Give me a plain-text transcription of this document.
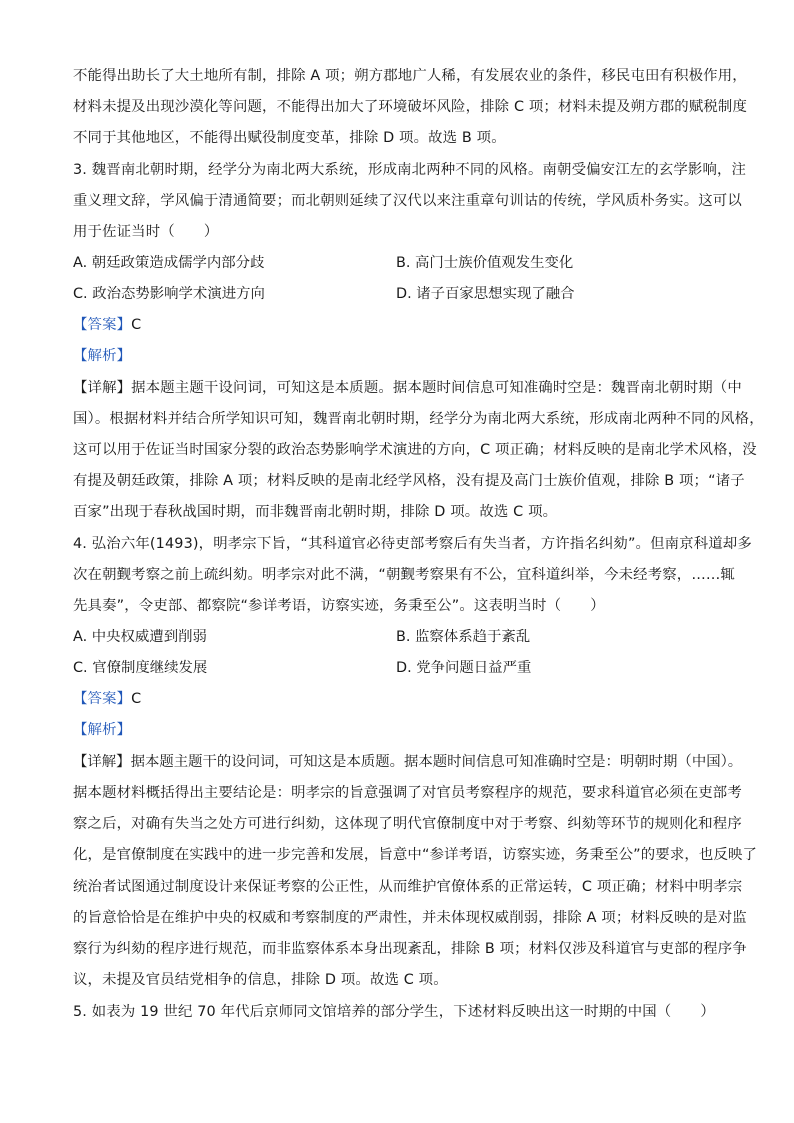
不能得出助长了大土地所有制，排除 A 项；朔方郡地广人稀，有发展农业的条件，移民屯田有积极作用，
材料未提及出现沙漠化等问题，不能得出加大了环境破坏风险，排除 C 项；材料未提及朔方郡的赋税制度
不同于其他地区，不能得出赋役制度变革，排除 D 项。故选 B 项。
3. 魏晋南北朝时期，经学分为南北两大系统，形成南北两种不同的风格。南朝受偏安江左的玄学影响，注
重义理文辞，学风偏于清通简要；而北朝则延续了汉代以来注重章句训诂的传统，学风质朴务实。这可以
用于佐证当时（　　）
A. 朝廷政策造成儒学内部分歧	B. 高门士族价值观发生变化
C. 政治态势影响学术演进方向	D. 诸子百家思想实现了融合
【答案】C
【解析】
【详解】据本题主题干设问词，可知这是本质题。据本题时间信息可知准确时空是：魏晋南北朝时期（中
国）。根据材料并结合所学知识可知，魏晋南北朝时期，经学分为南北两大系统，形成南北两种不同的风格，
这可以用于佐证当时国家分裂的政治态势影响学术演进的方向，C 项正确；材料反映的是南北学术风格，没
有提及朝廷政策，排除 A 项；材料反映的是南北经学风格，没有提及高门士族价值观，排除 B 项；“诸子
百家”出现于春秋战国时期，而非魏晋南北朝时期，排除 D 项。故选 C 项。
4. 弘治六年(1493)，明孝宗下旨，“其科道官必待吏部考察后有失当者，方许指名纠劾”。但南京科道却多
次在朝觐考察之前上疏纠劾。明孝宗对此不满，“朝觐考察果有不公，宜科道纠举，今未经考察，……辄
先具奏”，令吏部、都察院“参详考语，访察实迹，务秉至公”。这表明当时（　　）
A. 中央权威遭到削弱	B. 监察体系趋于紊乱
C. 官僚制度继续发展	D. 党争问题日益严重
【答案】C
【解析】
【详解】据本题主题干的设问词，可知这是本质题。据本题时间信息可知准确时空是：明朝时期（中国）。
据本题材料概括得出主要结论是：明孝宗的旨意强调了对官员考察程序的规范，要求科道官必须在吏部考
察之后，对确有失当之处方可进行纠劾，这体现了明代官僚制度中对于考察、纠劾等环节的规则化和程序
化，是官僚制度在实践中的进一步完善和发展，旨意中“参详考语，访察实迹，务秉至公”的要求，也反映了
统治者试图通过制度设计来保证考察的公正性，从而维护官僚体系的正常运转，C 项正确；材料中明孝宗
的旨意恰恰是在维护中央的权威和考察制度的严肃性，并未体现权威削弱，排除 A 项；材料反映的是对监
察行为纠劾的程序进行规范，而非监察体系本身出现紊乱，排除 B 项；材料仅涉及科道官与吏部的程序争
议，未提及官员结党相争的信息，排除 D 项。故选 C 项。
5. 如表为 19 世纪 70 年代后京师同文馆培养的部分学生，下述材料反映出这一时期的中国（　　）
